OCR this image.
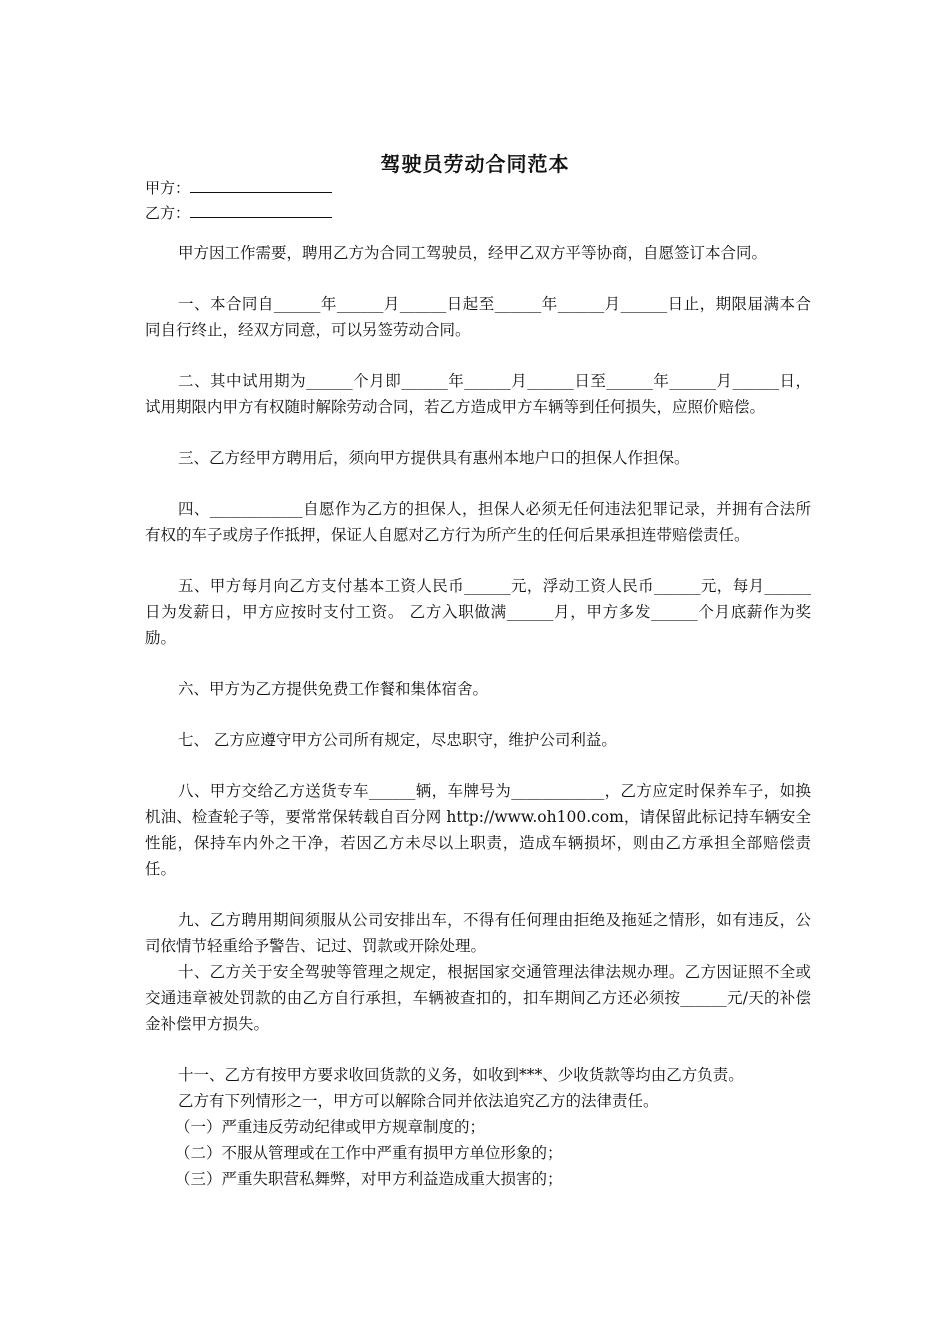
驾驶员劳动合同范本
甲方：
乙方：

甲方因工作需要，聘用乙方为合同工驾驶员，经甲乙双方平等协商，自愿签订本合同。

一、本合同自______年______月______日起至______年______月______日止，期限届满本合同自行终止，经双方同意，可以另签劳动合同。

二、其中试用期为______个月即______年______月______日至______年______月______日，试用期限内甲方有权随时解除劳动合同，若乙方造成甲方车辆等到任何损失，应照价赔偿。

三、乙方经甲方聘用后，须向甲方提供具有惠州本地户口的担保人作担保。

四、____________自愿作为乙方的担保人，担保人必须无任何违法犯罪记录，并拥有合法所有权的车子或房子作抵押，保证人自愿对乙方行为所产生的任何后果承担连带赔偿责任。

五、甲方每月向乙方支付基本工资人民币______元，浮动工资人民币______元，每月______日为发薪日，甲方应按时支付工资。 乙方入职做满______月，甲方多发______个月底薪作为奖励。

六、甲方为乙方提供免费工作餐和集体宿舍。

七、 乙方应遵守甲方公司所有规定，尽忠职守，维护公司利益。

八、甲方交给乙方送货专车______辆，车牌号为____________，乙方应定时保养车子，如换机油、检查轮子等，要常常保转载自百分网 http://www.oh100.com，请保留此标记持车辆安全性能，保持车内外之干净，若因乙方未尽以上职责，造成车辆损坏，则由乙方承担全部赔偿责任。

九、乙方聘用期间须服从公司安排出车，不得有任何理由拒绝及拖延之情形，如有违反，公司依情节轻重给予警告、记过、罚款或开除处理。

十、乙方关于安全驾驶等管理之规定，根据国家交通管理法律法规办理。乙方因证照不全或交通违章被处罚款的由乙方自行承担，车辆被查扣的，扣车期间乙方还必须按______元/天的补偿金补偿甲方损失。

十一、乙方有按甲方要求收回货款的义务，如收到***、少收货款等均由乙方负责。

乙方有下列情形之一，甲方可以解除合同并依法追究乙方的法律责任。

（一）严重违反劳动纪律或甲方规章制度的；

（二）不服从管理或在工作中严重有损甲方单位形象的；

（三）严重失职营私舞弊，对甲方利益造成重大损害的；
